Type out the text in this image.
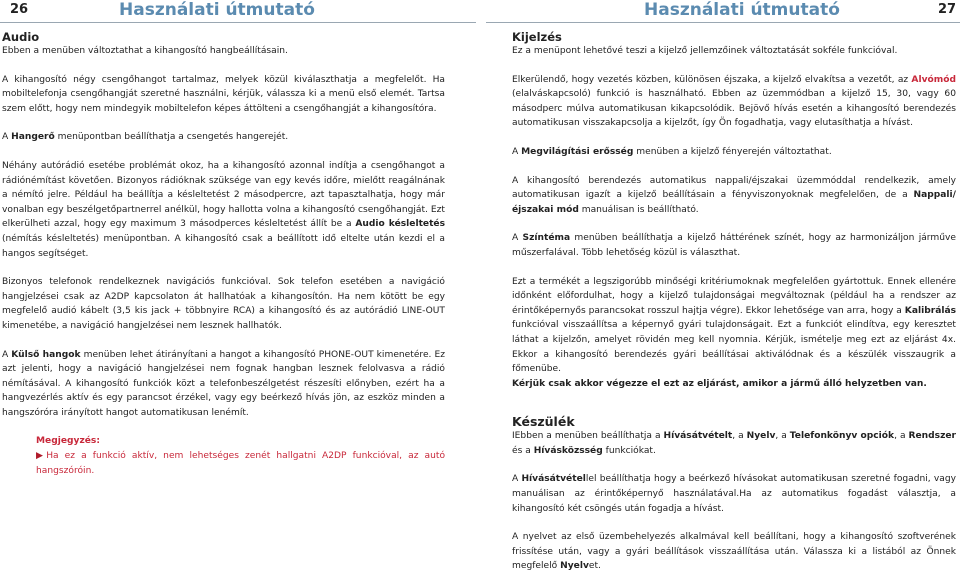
26	Használati útmutató
Audio

Ebben a menüben változtathat a kihangosító hangbeállításain.

A kihangosító négy csengőhangot tartalmaz, melyek közül kiválaszthatja a megfelelőt. Ha mobiltelefonja csengőhangját szeretné használni, kérjük, válassza ki a menü első elemét. Tartsa szem előtt, hogy nem mindegyik mobiltelefon képes áttölteni a csengőhangját a kihangosítóra.

A Hangerő menüpontban beállíthatja a csengetés hangerejét.

Néhány autórádió esetébe problémát okoz, ha a kihangosító azonnal indítja a csengőhangot a rádiónémítást követően. Bizonyos rádióknak szüksége van egy kevés időre, mielőtt reagálnának a némító jelre. Például ha beállítja a késleltetést 2 másodpercre, azt tapasztalhatja, hogy már vonalban egy beszélgetőpartnerrel anélkül, hogy hallotta volna a kihangosító csengőhangját. Ezt elkerülheti azzal, hogy egy maximum 3 másodperces késleltetést állít be a Audio késleltetés (némítás késleltetés) menüpontban. A kihangosító csak a beállított idő elteltе után kezdi el a hangos segítséget.

Bizonyos telefonok rendelkeznek navigációs funkcióval. Sok telefon esetében a navigáció hangjelzései csak az A2DP kapcsolaton át hallhatóak a kihangosítón. Ha nem kötött be egy megfelelő audió kábelt (3,5 kis jack + többnyire RCA) a kihangosító és az autórádió LINE-OUT kimenetébe, a navigáció hangjelzései nem lesznek hallhatók.

A Külső hangok menüben lehet átirányítani a hangot a kihangosító PHONE-OUT kimenetére. Ez azt jelenti, hogy a navigáció hangjelzései nem fognak hangban lesznek felolvasva a rádió némításával. A kihangosító funkciók közt a telefonbeszélgetést részesíti előnyben, ezért ha a hangvezérlés aktív és egy parancsot érzékel, vagy egy beérkező hívás jön, az eszköz minden a hangszóróra irányított hangot automatikusan lenémít.

Megjegyzés:

▶Ha ez a funkció aktív, nem lehetséges zenét hallgatni A2DP funkcióval, az autó hangszóróin.

Használati útmutató	27
Kijelzés

Ez a menüpont lehetővé teszi a kijelző jellemzőinek változtatását sokféle funkcióval.

Elkerülendő, hogy vezetés közben, különösen éjszaka, a kijelző elvakítsa a vezetőt, az Alvómód (elalváskapcsoló) funkció is használható. Ebben az üzemmódban a kijelző 15, 30, vagy 60 másodperc múlva automatikusan kikapcsolódik. Bejövő hívás esetén a kihangosító berendezés automatikusan visszakapcsolja a kijelzőt, így Ön fogadhatja, vagy elutasíthatja a hívást.

A Megvilágítási erősség menüben a kijelző fényerején változtathat.

A kihangosító berendezés automatikus nappali/éjszakai üzemmóddal rendelkezik, amely automatikusan igazít a kijelző beállításain a fényviszonyoknak megfelelően, de a Nappali/éjszakai mód manuálisan is beállítható.

A Színtéma menüben beállíthatja a kijelző háttérének színét, hogy az harmonizáljon járműve műszerfalával. Több lehetőség közül is választhat.

Ezt a termékét a legszigorúbb minőségi kritériumoknak megfelelően gyártottuk. Ennek ellenére időnként előfordulhat, hogy a kijelző tulajdonságai megváltoznak (például ha a rendszer az érintőképernyős parancsokat rosszul hajtja végre). Ekkor lehetősége van arra, hogy a Kalibrálás funkcióval visszaállítsa a képernyő gyári tulajdonságait. Ezt a funkciót elindítva, egy keresztet láthat a kijelzőn, amelyet rövidén meg kell nyomnia. Kérjük, ismételje meg ezt az eljárást 4x. Ekkor a kihangosító berendezés gyári beállításai aktiválódnak és a készülék visszaugrik a főmenübe.

Kérjük csak akkor végezze el ezt az eljárást, amikor a jármű álló helyzetben van.

Készülék

IEbben a menüben beállíthatja a Hívásátvételt, a Nyelv, a Telefonkönyv opciók, a Rendszer és a Hívásközsség funkciókat.

A Hívásátvétellel beállíthatja hogy a beérkező hívásokat automatikusan szeretné fogadni, vagy manuálisan az érintőképernyő használatával.Ha az automatikus fogadást választja, a kihangosító két csöngés után fogadja a hívást.

A nyelvet az első üzembehelyezés alkalmával kell beállítani, hogy a kihangosító szoftverének frissítése után, vagy a gyári beállítások visszaállítása után. Válassza ki a listából az Önnek megfelelő Nyelvet.
